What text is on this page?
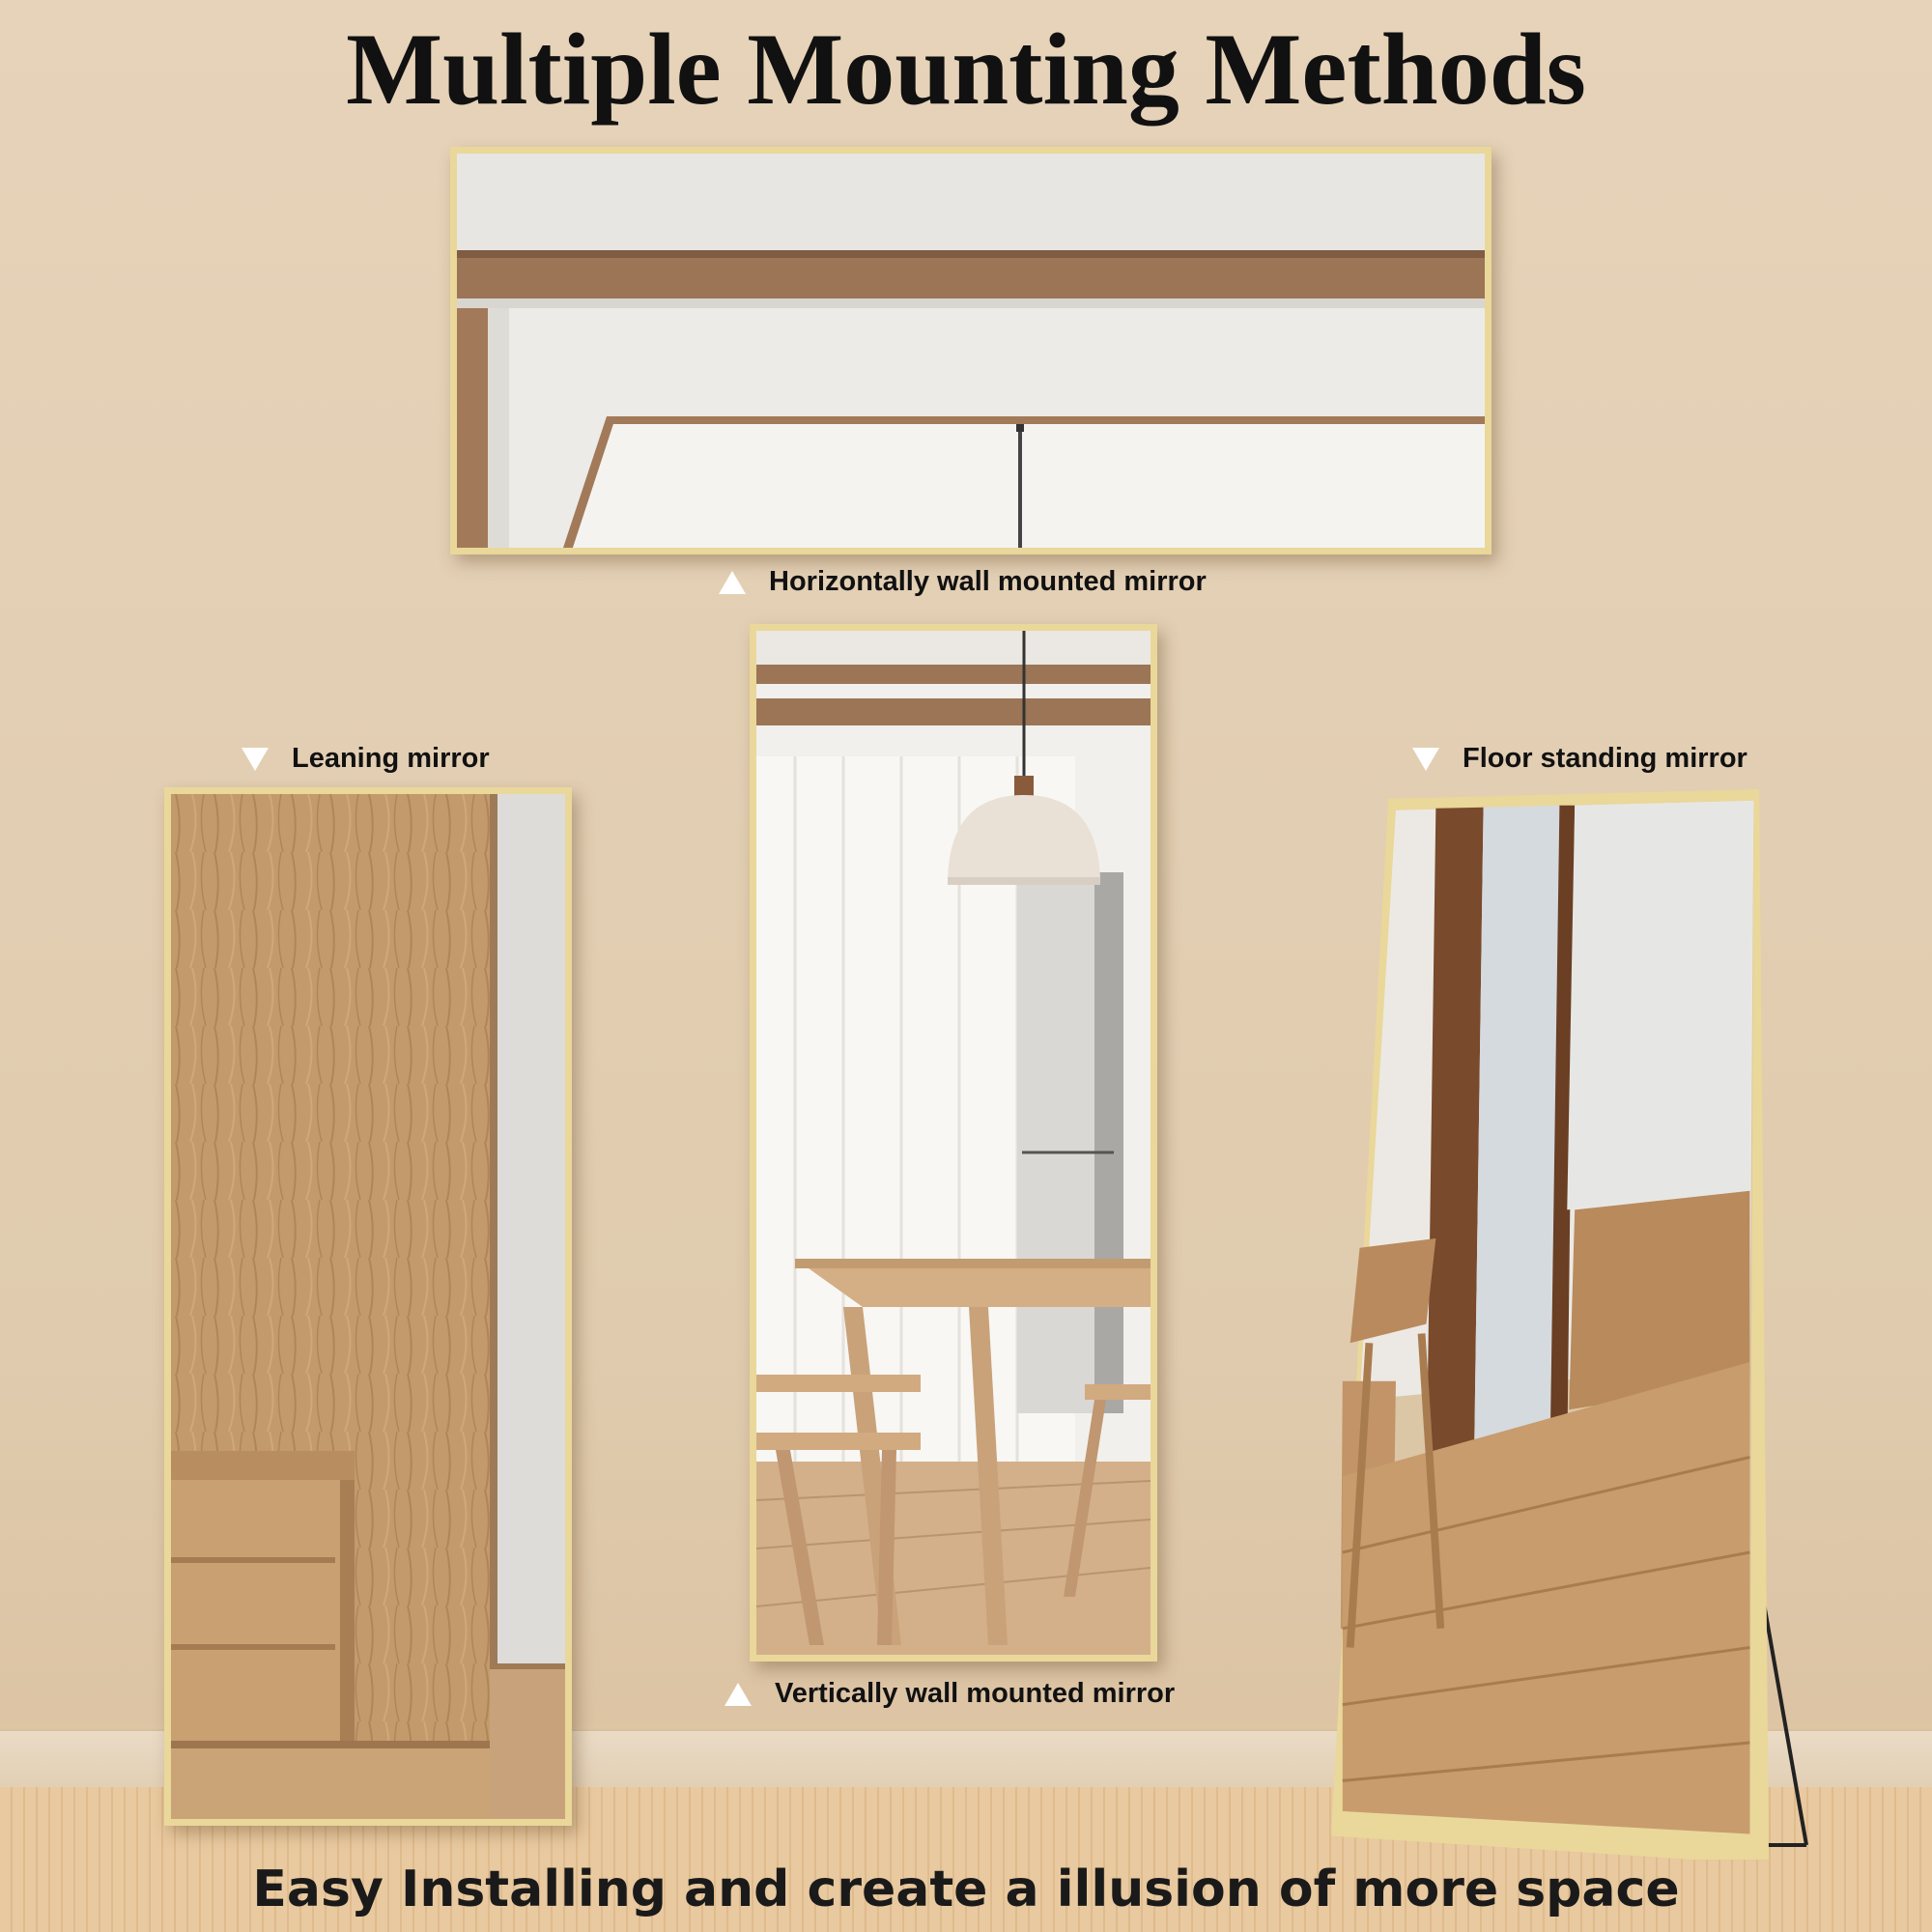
Multiple Mounting Methods
Horizontally wall mounted mirror
Leaning mirror
Vertically wall mounted mirror
Floor standing mirror
Easy Installing and create a illusion of more space
